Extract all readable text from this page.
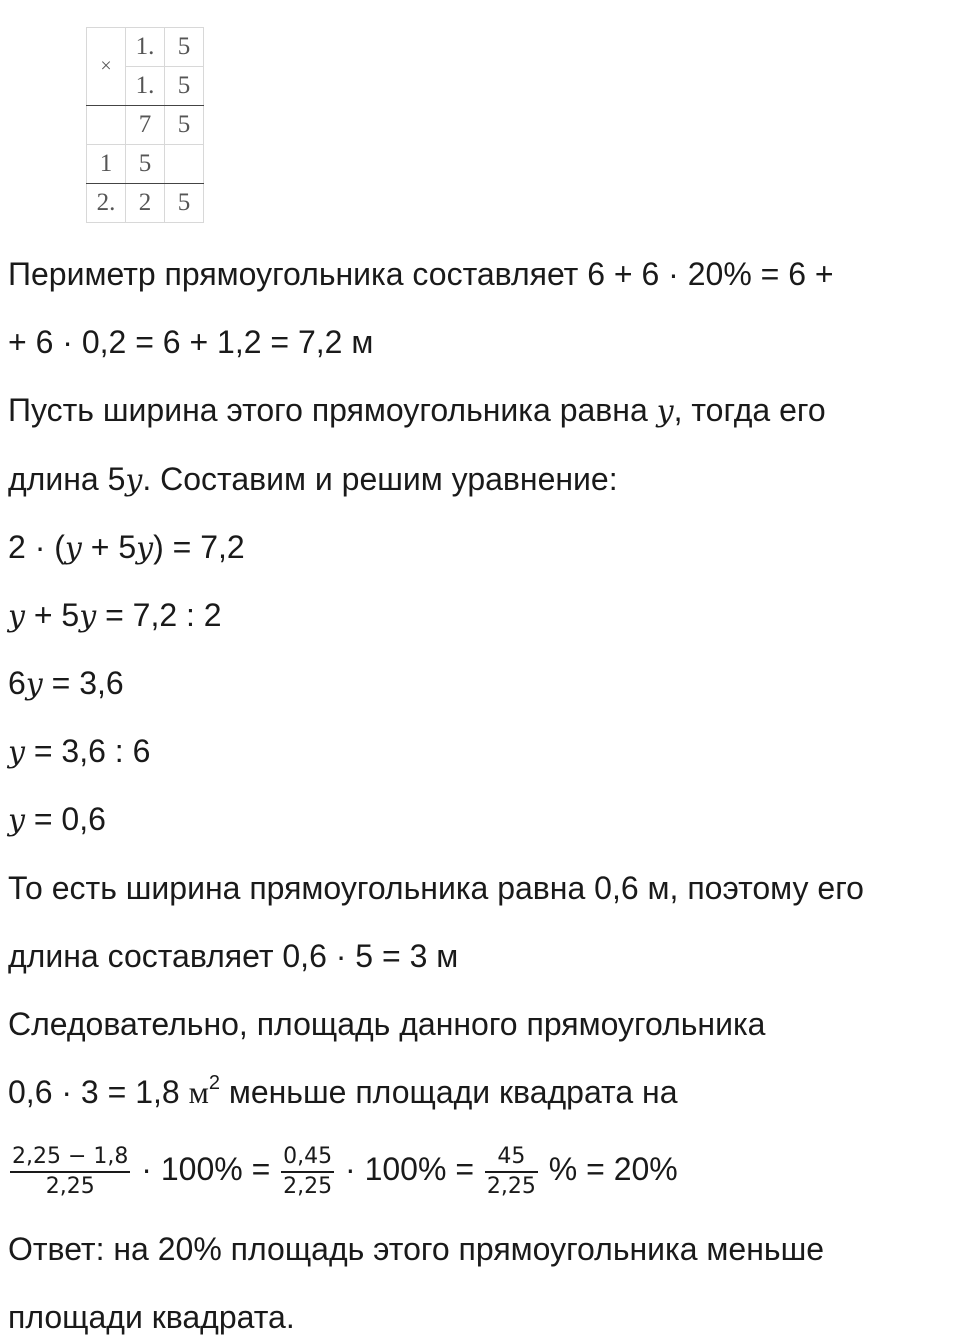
×	1.	5
	1.	5
	7	5
1	5	
2.	2	5
Периметр прямоугольника составляет 6 + 6 · 20% = 6 +
+ 6 · 0,2 = 6 + 1,2 = 7,2 м
Пусть ширина этого прямоугольника равна y, тогда его
длина 5y. Составим и решим уравнение:
2 · (y + 5y) = 7,2
y + 5y = 7,2 : 2
6y = 3,6
y = 3,6 : 6
y = 0,6
То есть ширина прямоугольника равна 0,6 м, поэтому его
длина составляет 0,6 · 5 = 3 м
Следовательно, площадь данного прямоугольника
0,6 · 3 = 1,8 $м^2$ меньше площади квадрата на
$\frac{2,25 - 1,8}{2,25} \cdot 100\% = \frac{0,45}{2,25} \cdot 100\% = \frac{45}{2,25}$ % = 20%
Ответ: на 20% площадь этого прямоугольника меньше
площади квадрата.
